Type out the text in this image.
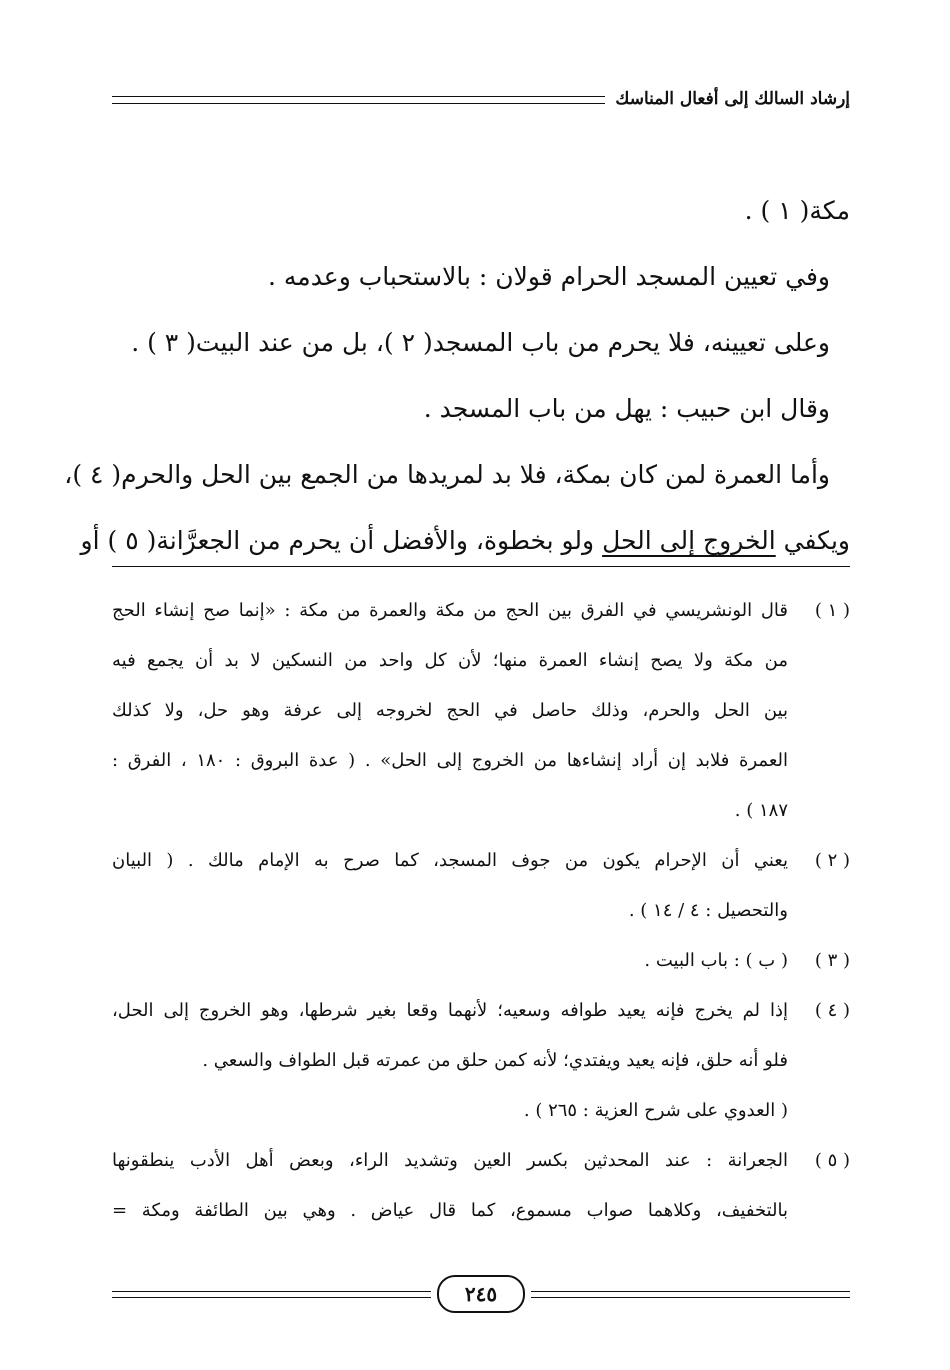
إرشاد السالك إلى أفعال المناسك

مكة( ١ ) .

وفي تعيين المسجد الحرام قولان : بالاستحباب وعدمه .

وعلى تعيينه، فلا يحرم من باب المسجد( ٢ )، بل من عند البيت( ٣ ) .

وقال ابن حبيب : يهل من باب المسجد .

وأما العمرة لمن كان بمكة، فلا بد لمريدها من الجمع بين الحل والحرم( ٤ )،

ويكفي الخروج إلى الحل ولو بخطوة، والأفضل أن يحرم من الجعرَّانة( ٥ ) أو

( ١ )
قال الونشريسي في الفرق بين الحج من مكة والعمرة من مكة : «إنما صح إنشاء الحج
من مكة ولا يصح إنشاء العمرة منها؛ لأن كل واحد من النسكين لا بد أن يجمع فيه
بين الحل والحرم، وذلك حاصل في الحج لخروجه إلى عرفة وهو حل، ولا كذلك
العمرة فلابد إن أراد إنشاءها من الخروج إلى الحل» . ( عدة البروق : ١٨٠ ، الفرق :
١٨٧ ) .
( ٢ )
يعني أن الإحرام يكون من جوف المسجد، كما صرح به الإمام مالك . ( البيان
والتحصيل : ٤ / ١٤ ) .
( ٣ )
( ب ) : باب البيت .
( ٤ )
إذا لم يخرج فإنه يعيد طوافه وسعيه؛ لأنهما وقعا بغير شرطها، وهو الخروج إلى الحل،
فلو أنه حلق، فإنه يعيد ويفتدي؛ لأنه كمن حلق من عمرته قبل الطواف والسعي .
( العدوي على شرح العزية : ٢٦٥ ) .
( ٥ )
الجعرانة : عند المحدثين بكسر العين وتشديد الراء، وبعض أهل الأدب ينطقونها
بالتخفيف، وكلاهما صواب مسموع، كما قال عياض . وهي بين الطائفة ومكة =
٢٤٥
